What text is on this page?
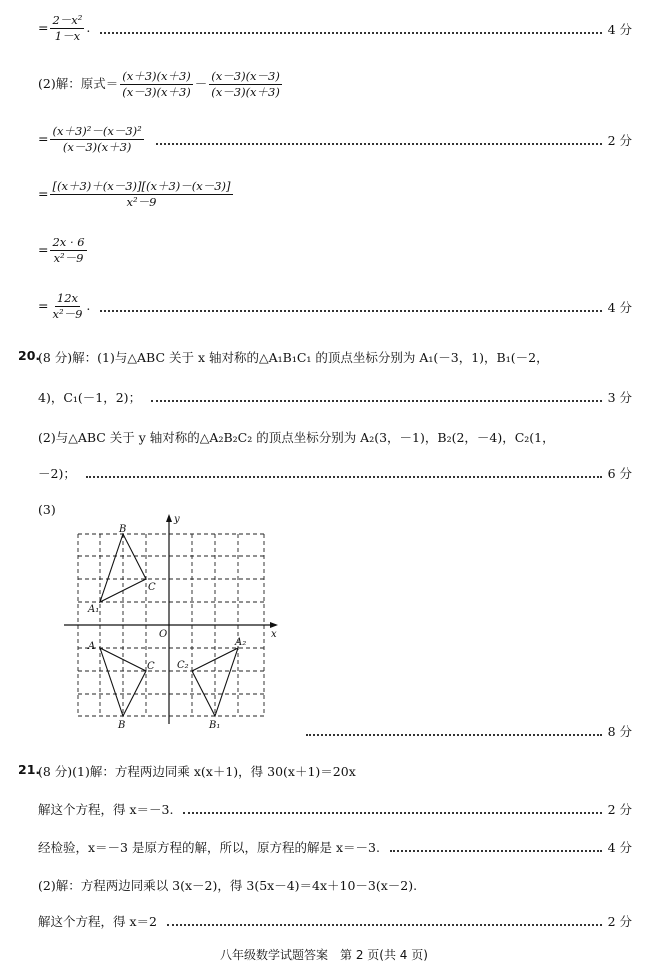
= $\frac{\text{2－x²}}{1-x}$ .	4 分
(2)解：原式＝ $\frac{(x+3)(x+3)}{(x-3)(x+3)} - \frac{(x-3)(x-3)}{(x-3)(x+3)}$
= $\frac{\text{(x＋3)²－(x－3)²}}{(x-3)(x+3)}$	2 分
= $\frac{[(x+3)+(x-3)][(x+3)-(x-3)]}{\text{x²－9}}$
= $\frac{2x \cdot 6}{\text{x²－9}}$
= $\frac{12x}{\text{x²－9}}$ .	4 分
20.
(8 分)解：(1)与△ABC 关于 x 轴对称的△A₁B₁C₁ 的顶点坐标分别为 A₁(－3，1)，B₁(－2，
4)，C₁(－1，2)；	3 分
(2)与△ABC 关于 y 轴对称的△A₂B₂C₂ 的顶点坐标分别为 A₂(3，－1)，B₂(2，－4)，C₂(1，
－2)；	6 分
(3)
y
x
O
B
C
A₁
A
C
B
C₂
A₂
B₁	8 分
21.
(8 分)(1)解：方程两边同乘 x(x＋1)，得 30(x＋1)＝20x
解这个方程，得 x＝－3.	2 分
经检验，x＝－3 是原方程的解，所以，原方程的解是 x＝－3.	4 分
(2)解：方程两边同乘以 3(x－2)，得 3(5x－4)＝4x＋10－3(x－2).
解这个方程，得 x＝2	2 分
八年级数学试题答案　第 2 页(共 4 页)
